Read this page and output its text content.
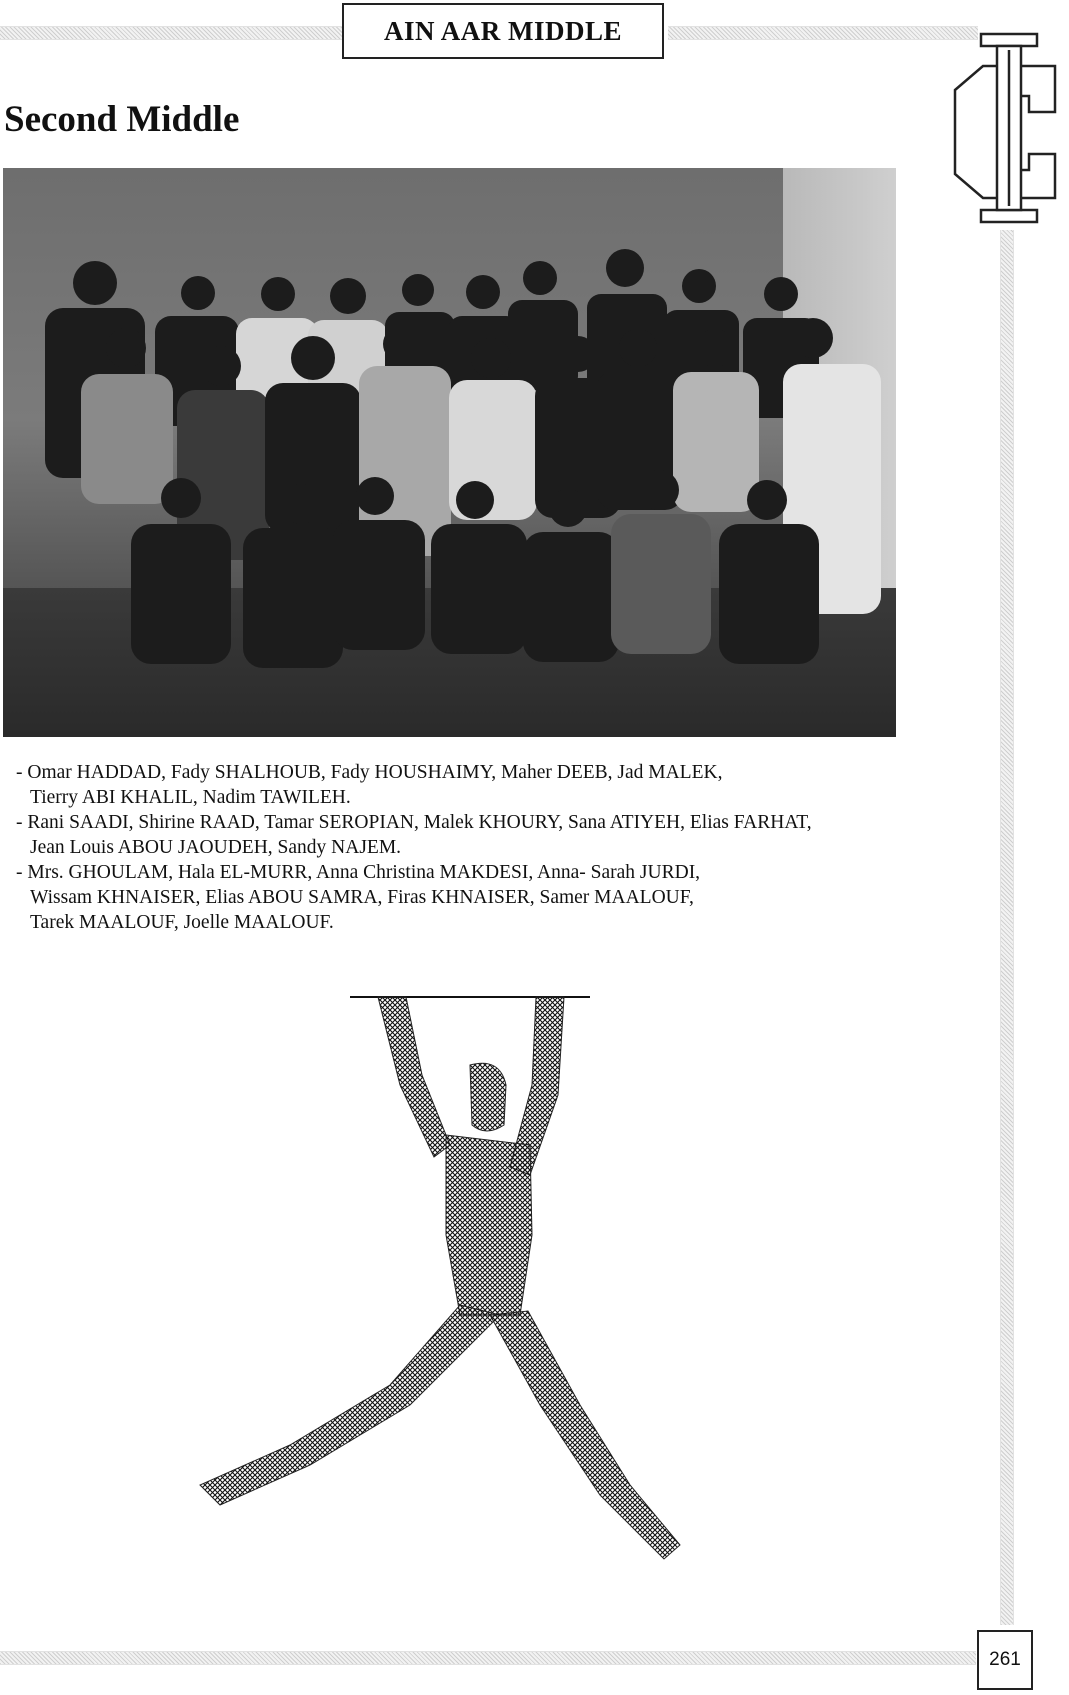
AIN AAR MIDDLE
Second Middle
- Omar HADDAD, Fady SHALHOUB, Fady HOUSHAIMY, Maher DEEB, Jad MALEK,
Tierry ABI KHALIL, Nadim TAWILEH.
- Rani SAADI, Shirine RAAD, Tamar SEROPIAN, Malek KHOURY, Sana ATIYEH, Elias FARHAT,
Jean Louis ABOU JAOUDEH, Sandy NAJEM.
- Mrs. GHOULAM, Hala EL-MURR, Anna Christina MAKDESI, Anna- Sarah JURDI,
Wissam KHNAISER, Elias ABOU SAMRA, Firas KHNAISER, Samer MAALOUF,
Tarek MAALOUF, Joelle MAALOUF.
261
